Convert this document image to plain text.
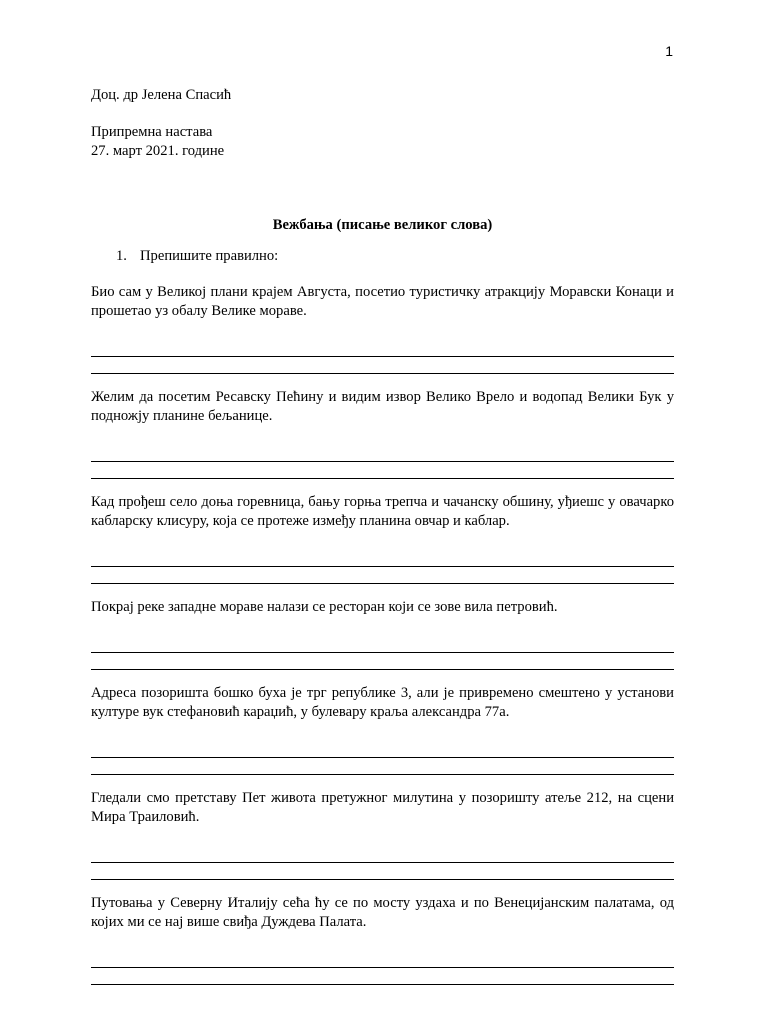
1

Доц. др Јелена Спасић

Припремна настава

27. март 2021. године

Вежбања (писање великог слова)

1. Препишите правилно:

Био сам у Великој плани крајем Августа, посетио туристичку атракцију Моравски Конаци и прошетао уз обалу Велике мораве.

Желим да посетим Ресавску Пећину и видим извор Велико Врело и водопад Велики Бук у подножју планине бељанице.

Кад прођеш село доња горевница, бању горња трепча и чачанску обшину, уђиешс у овачарко кабларску клисуру, која се протеже између планина овчар и каблар.

Покрај реке западне мораве налази се ресторан који се зове вила петровић.

Адреса позоришта бошко буха је трг републике 3, али је привремено смештено у установи културе вук стефановић караџић, у булевару краља александра 77а.

Гледали смо претставу Пет живота претужног милутина у позоришту атеље 212, на сцени Мира Траиловић.

Путовања у Северну Италију сећа ћу се по мосту уздаха и по Венецијанским палатама, од којих ми се нај више свиђа Дуждева Палата.
